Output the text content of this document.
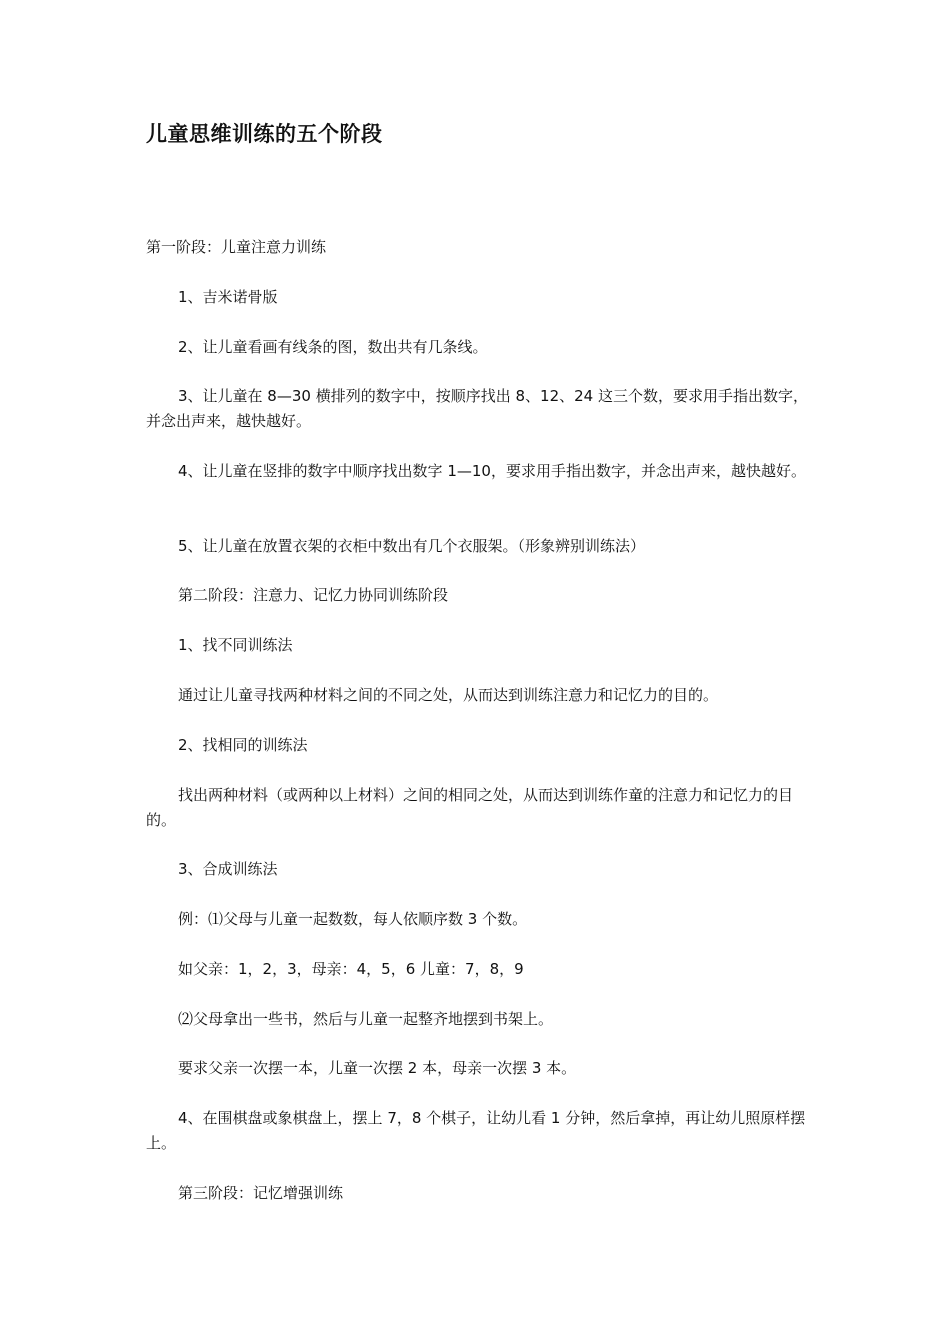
儿童思维训练的五个阶段

第一阶段：儿童注意力训练

1、吉米诺骨版

2、让儿童看画有线条的图，数出共有几条线。

3、让儿童在 8—30 横排列的数字中，按顺序找出 8、12、24 这三个数，要求用手指出数字，并念出声来，越快越好。

4、让儿童在竖排的数字中顺序找出数字 1—10，要求用手指出数字，并念出声来，越快越好。

5、让儿童在放置衣架的衣柜中数出有几个衣服架。（形象辨别训练法）

第二阶段：注意力、记忆力协同训练阶段

1、找不同训练法

通过让儿童寻找两种材料之间的不同之处，从而达到训练注意力和记忆力的目的。

2、找相同的训练法

找出两种材料（或两种以上材料）之间的相同之处，从而达到训练作童的注意力和记忆力的目的。

3、合成训练法

例：⑴父母与儿童一起数数，每人依顺序数 3 个数。

如父亲：1，2，3，母亲：4，5，6 儿童：7，8，9

⑵父母拿出一些书，然后与儿童一起整齐地摆到书架上。

要求父亲一次摆一本，儿童一次摆 2 本，母亲一次摆 3 本。

4、在围棋盘或象棋盘上，摆上 7，8 个棋子，让幼儿看 1 分钟，然后拿掉，再让幼儿照原样摆上。

第三阶段：记忆增强训练
